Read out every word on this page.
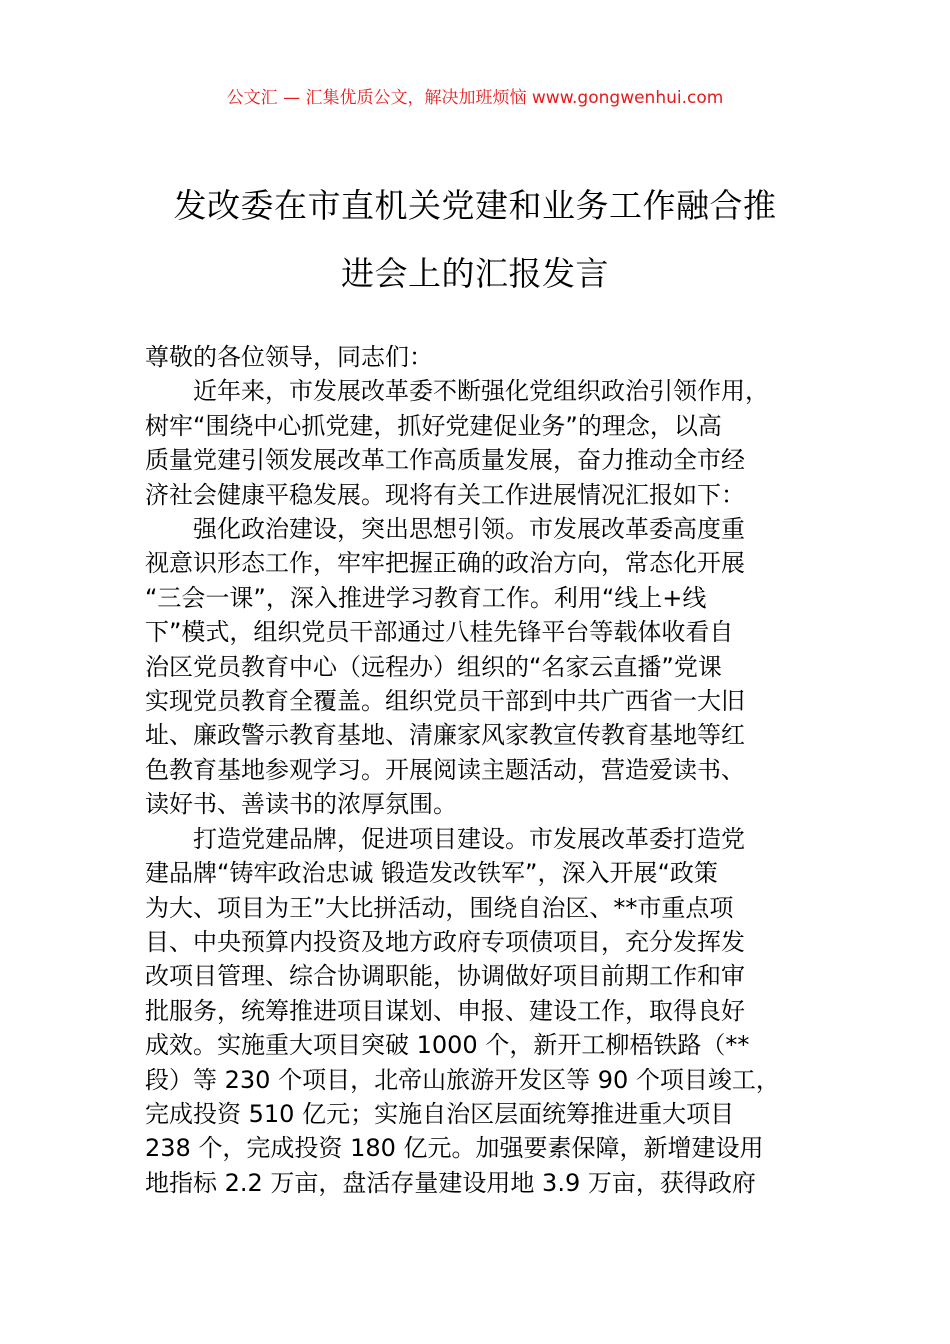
公文汇 — 汇集优质公文，解决加班烦恼 www.gongwenhui.com
发改委在市直机关党建和业务工作融合推
进会上的汇报发言

尊敬的各位领导，同志们：

近年来，市发展改革委不断强化党组织政治引领作用，
树牢“围绕中心抓党建，抓好党建促业务”的理念，以高
质量党建引领发展改革工作高质量发展，奋力推动全市经
济社会健康平稳发展。现将有关工作进展情况汇报如下：

强化政治建设，突出思想引领。市发展改革委高度重
视意识形态工作，牢牢把握正确的政治方向，常态化开展
“三会一课”，深入推进学习教育工作。利用“线上+线
下”模式，组织党员干部通过八桂先锋平台等载体收看自
治区党员教育中心（远程办）组织的“名家云直播”党课
实现党员教育全覆盖。组织党员干部到中共广西省一大旧
址、廉政警示教育基地、清廉家风家教宣传教育基地等红
色教育基地参观学习。开展阅读主题活动，营造爱读书、
读好书、善读书的浓厚氛围。

打造党建品牌，促进项目建设。市发展改革委打造党
建品牌“铸牢政治忠诚 锻造发改铁军”，深入开展“政策
为大、项目为王”大比拼活动，围绕自治区、**市重点项
目、中央预算内投资及地方政府专项债项目，充分发挥发
改项目管理、综合协调职能，协调做好项目前期工作和审
批服务，统筹推进项目谋划、申报、建设工作，取得良好
成效。实施重大项目突破 1000 个，新开工柳梧铁路（**
段）等 230 个项目，北帝山旅游开发区等 90 个项目竣工，
完成投资 510 亿元；实施自治区层面统筹推进重大项目
238 个，完成投资 180 亿元。加强要素保障，新增建设用
地指标 2.2 万亩，盘活存量建设用地 3.9 万亩，获得政府
